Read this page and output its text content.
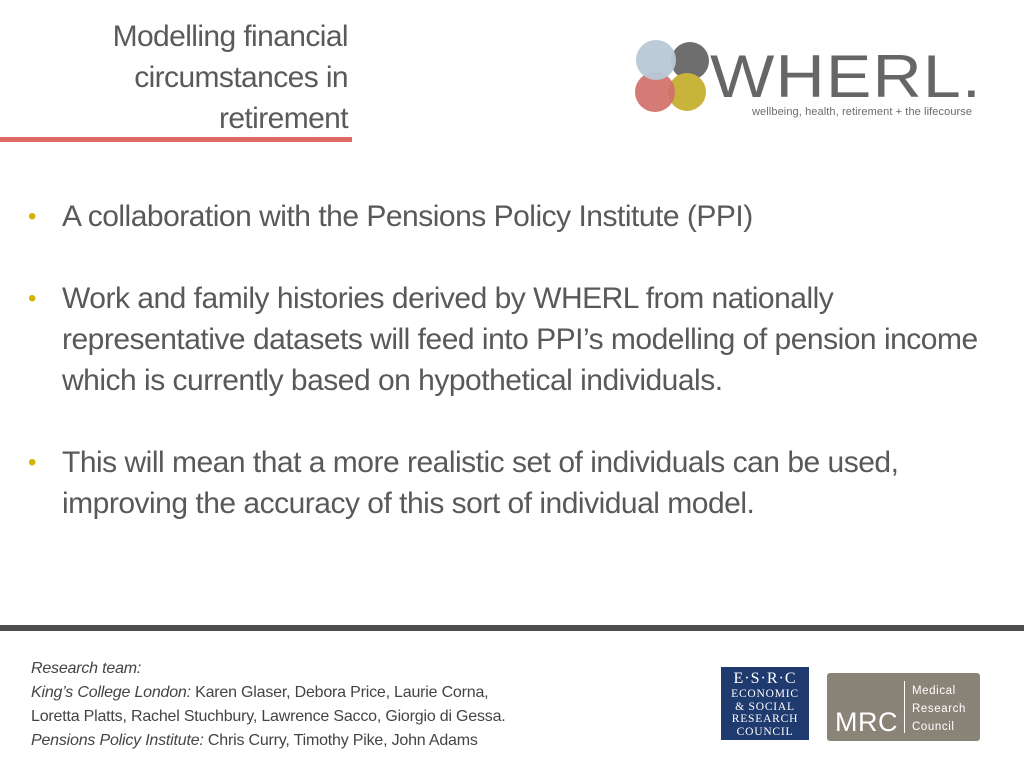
Modelling financial
circumstances in
retirement
WHERL.
wellbeing, health, retirement + the lifecourse
• A collaboration with the Pensions Policy Institute (PPI)
• Work and family histories derived by WHERL from nationally representative datasets will feed into PPI’s modelling of pension income which is currently based on hypothetical individuals.
• This will mean that a more realistic set of individuals can be used, improving the accuracy of this sort of individual model.
Research team:
King’s College London: Karen Glaser, Debora Price, Laurie Corna,
Loretta Platts, Rachel Stuchbury, Lawrence Sacco, Giorgio di Gessa.
Pensions Policy Institute: Chris Curry, Timothy Pike, John Adams
E·S·R·C
ECONOMIC
& SOCIAL
RESEARCH
COUNCIL	MRC
Medical
Research
Council
